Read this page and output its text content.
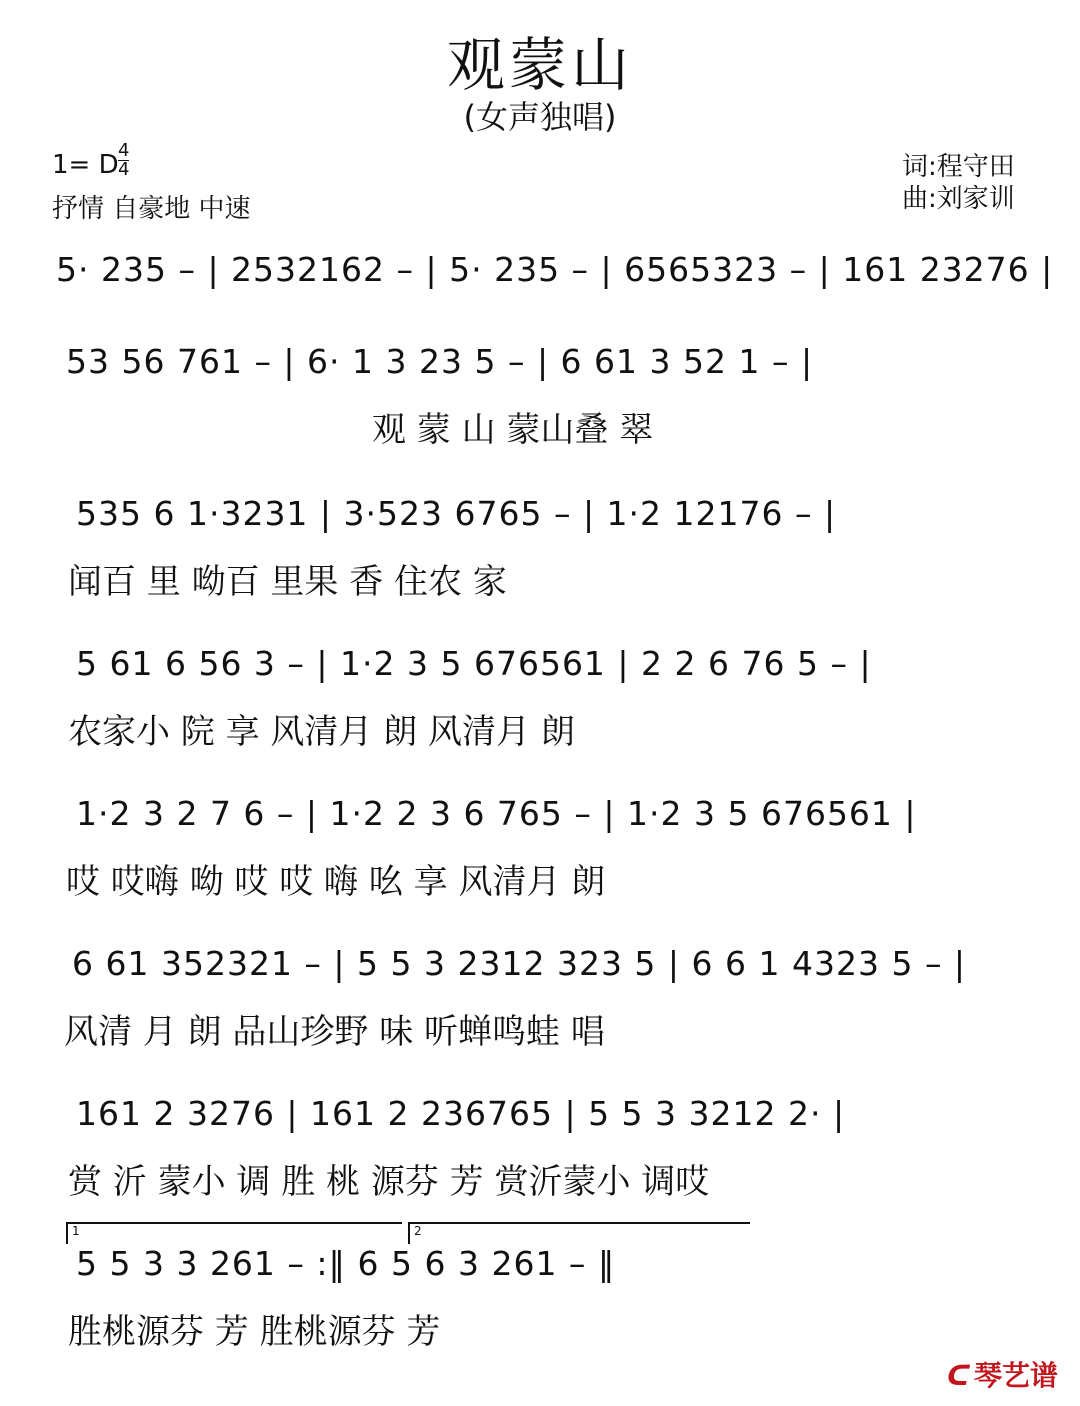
观蒙山
(女声独唱)
1= D 4
4
抒情 自豪地 中速
词:程守田
曲:刘家训
5· 235 – | 2532162 – | 5· 235 – | 6565323 – | 161 23276 |
53 56 761 – | 6· 1 3 23 5 – | 6 61 3 52 1 – |
观 蒙 山 蒙山叠 翠
535 6 1·3231 | 3·523 6765 – | 1·2 12176 – |
闻百 里 呦百 里果 香 住农 家
5 61 6 56 3 – | 1·2 3 5 676561 | 2 2 6 76 5 – |
农家小 院 享 风清月 朗 风清月 朗
1·2 3 2 7 6 – | 1·2 2 3 6 765 – | 1·2 3 5 676561 |
哎 哎嗨 呦 哎 哎 嗨 吆 享 风清月 朗
6 61 352321 – | 5 5 3 2312 323 5 | 6 6 1 4323 5 – |
风清 月 朗 品山珍野 味 听蝉鸣蛙 唱
161 2 3276 | 161 2 236765 | 5 5 3 3212 2· |
赏 沂 蒙小 调 胜 桃 源芬 芳 赏沂蒙小 调哎
1	2
5 5 3 3 261 – :‖ 6 5 6 3 261 – ‖
胜桃源芬 芳 胜桃源芬 芳
ᑕ琴艺谱
